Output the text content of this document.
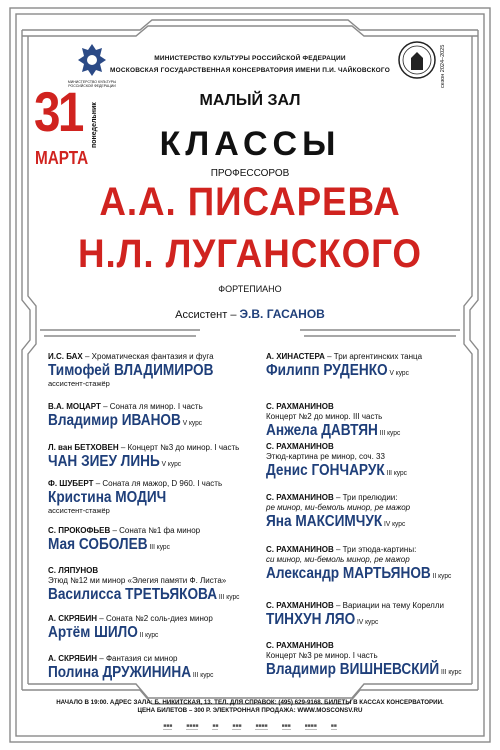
МИНИСТЕРСТВО КУЛЬТУРЫ РОССИЙСКОЙ ФЕДЕРАЦИИ	сезон 2024–2025
МИНИСТЕРСТВО КУЛЬТУРЫ РОССИЙСКОЙ ФЕДЕРАЦИИ
МОСКОВСКАЯ ГОСУДАРСТВЕННАЯ КОНСЕРВАТОРИЯ ИМЕНИ П.И. ЧАЙКОВСКОГО
31 понедельник
МАРТА
МАЛЫЙ ЗАЛ
КЛАССЫ
ПРОФЕССОРОВ
А.А. ПИСАРЕВА
Н.Л. ЛУГАНСКОГО
ФОРТЕПИАНО
Ассистент – Э.В. ГАСАНОВ
И.С. БАХ – Хроматическая фантазия и фуга
Тимофей ВЛАДИМИРОВ
ассистент-стажёр
В.А. МОЦАРТ – Соната ля минор. I часть
Владимир ИВАНОВ V курс
Л. ван БЕТХОВЕН – Концерт №3 до минор. I часть
ЧАН ЗИЕУ ЛИНЬ V курс
Ф. ШУБЕРТ – Соната ля мажор, D 960. I часть
Кристина МОДИЧ
ассистент-стажёр
С. ПРОКОФЬЕВ – Соната №1 фа минор
Мая СОБОЛЕВ III курс
С. ЛЯПУНОВ
Этюд №12 ми минор «Элегия памяти Ф. Листа»
Василисса ТРЕТЬЯКОВА III курс
А. СКРЯБИН – Соната №2 соль-диез минор
Артём ШИЛО II курс
А. СКРЯБИН – Фантазия си минор
Полина ДРУЖИНИНА III курс
А. ХИНАСТЕРА – Три аргентинских танца
Филипп РУДЕНКО V курс
С. РАХМАНИНОВ
Концерт №2 до минор. III часть
Анжела ДАВТЯН III курс
С. РАХМАНИНОВ
Этюд-картина ре минор, соч. 33
Денис ГОНЧАРУК III курс
С. РАХМАНИНОВ – Три прелюдии:
ре минор, ми-бемоль минор, ре мажор
Яна МАКСИМЧУК IV курс
С. РАХМАНИНОВ – Три этюда-картины:
си минор, ми-бемоль минор, ре мажор
Александр МАРТЬЯНОВ II курс
С. РАХМАНИНОВ – Вариации на тему Корелли
ТИНХУН ЛЯО IV курс
С. РАХМАНИНОВ
Концерт №3 ре минор. I часть
Владимир ВИШНЕВСКИЙ III курс
НАЧАЛО В 19:00. АДРЕС ЗАЛА: Б. НИКИТСКАЯ, 13. ТЕЛ. ДЛЯ СПРАВОК: (495) 629-9168. БИЛЕТЫ В КАССАХ КОНСЕРВАТОРИИ.
ЦЕНА БИЛЕТОВ – 300 Р. ЭЛЕКТРОННАЯ ПРОДАЖА: WWW.MOSCONSV.RU
■■■	■■■■	■■	■■■	■■■■	■■■	■■■■	■■
